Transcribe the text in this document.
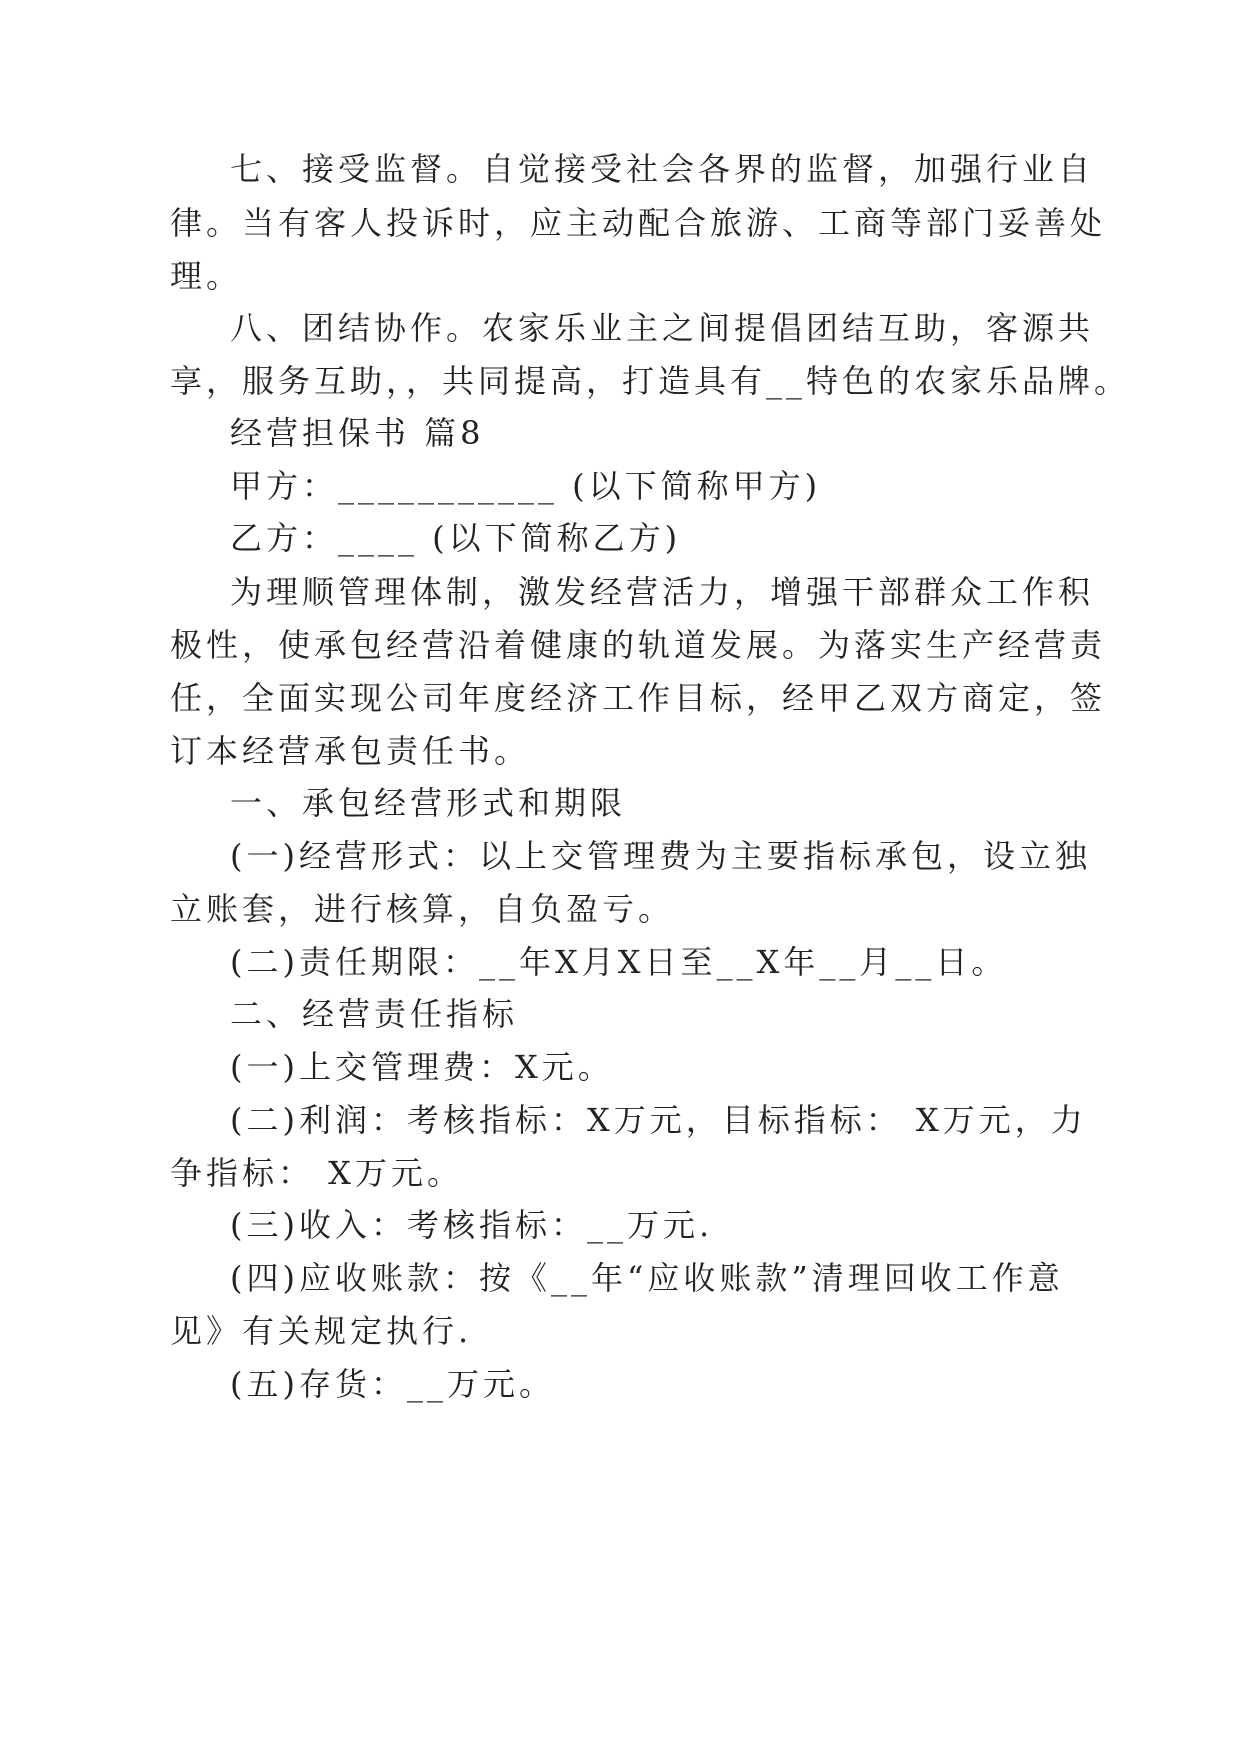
七、接受监督。自觉接受社会各界的监督，加强行业自
律。当有客人投诉时，应主动配合旅游、工商等部门妥善处
理。
八、团结协作。农家乐业主之间提倡团结互助，客源共
享，服务互助，，共同提高，打造具有__特色的农家乐品牌。
经营担保书 篇8
甲方：___________ (以下简称甲方)
乙方：____ (以下简称乙方)
为理顺管理体制，激发经营活力，增强干部群众工作积
极性，使承包经营沿着健康的轨道发展。为落实生产经营责
任，全面实现公司年度经济工作目标，经甲乙双方商定，签
订本经营承包责任书。
一、承包经营形式和期限
(一)经营形式：以上交管理费为主要指标承包，设立独
立账套，进行核算，自负盈亏。
(二)责任期限：__年X月X日至__X年__月__日。
二、经营责任指标
(一)上交管理费：X元。
(二)利润：考核指标：X万元，目标指标： X万元，力
争指标： X万元。
(三)收入：考核指标：__万元.
(四)应收账款：按《__年“应收账款”清理回收工作意
见》有关规定执行.
(五)存货：__万元。
